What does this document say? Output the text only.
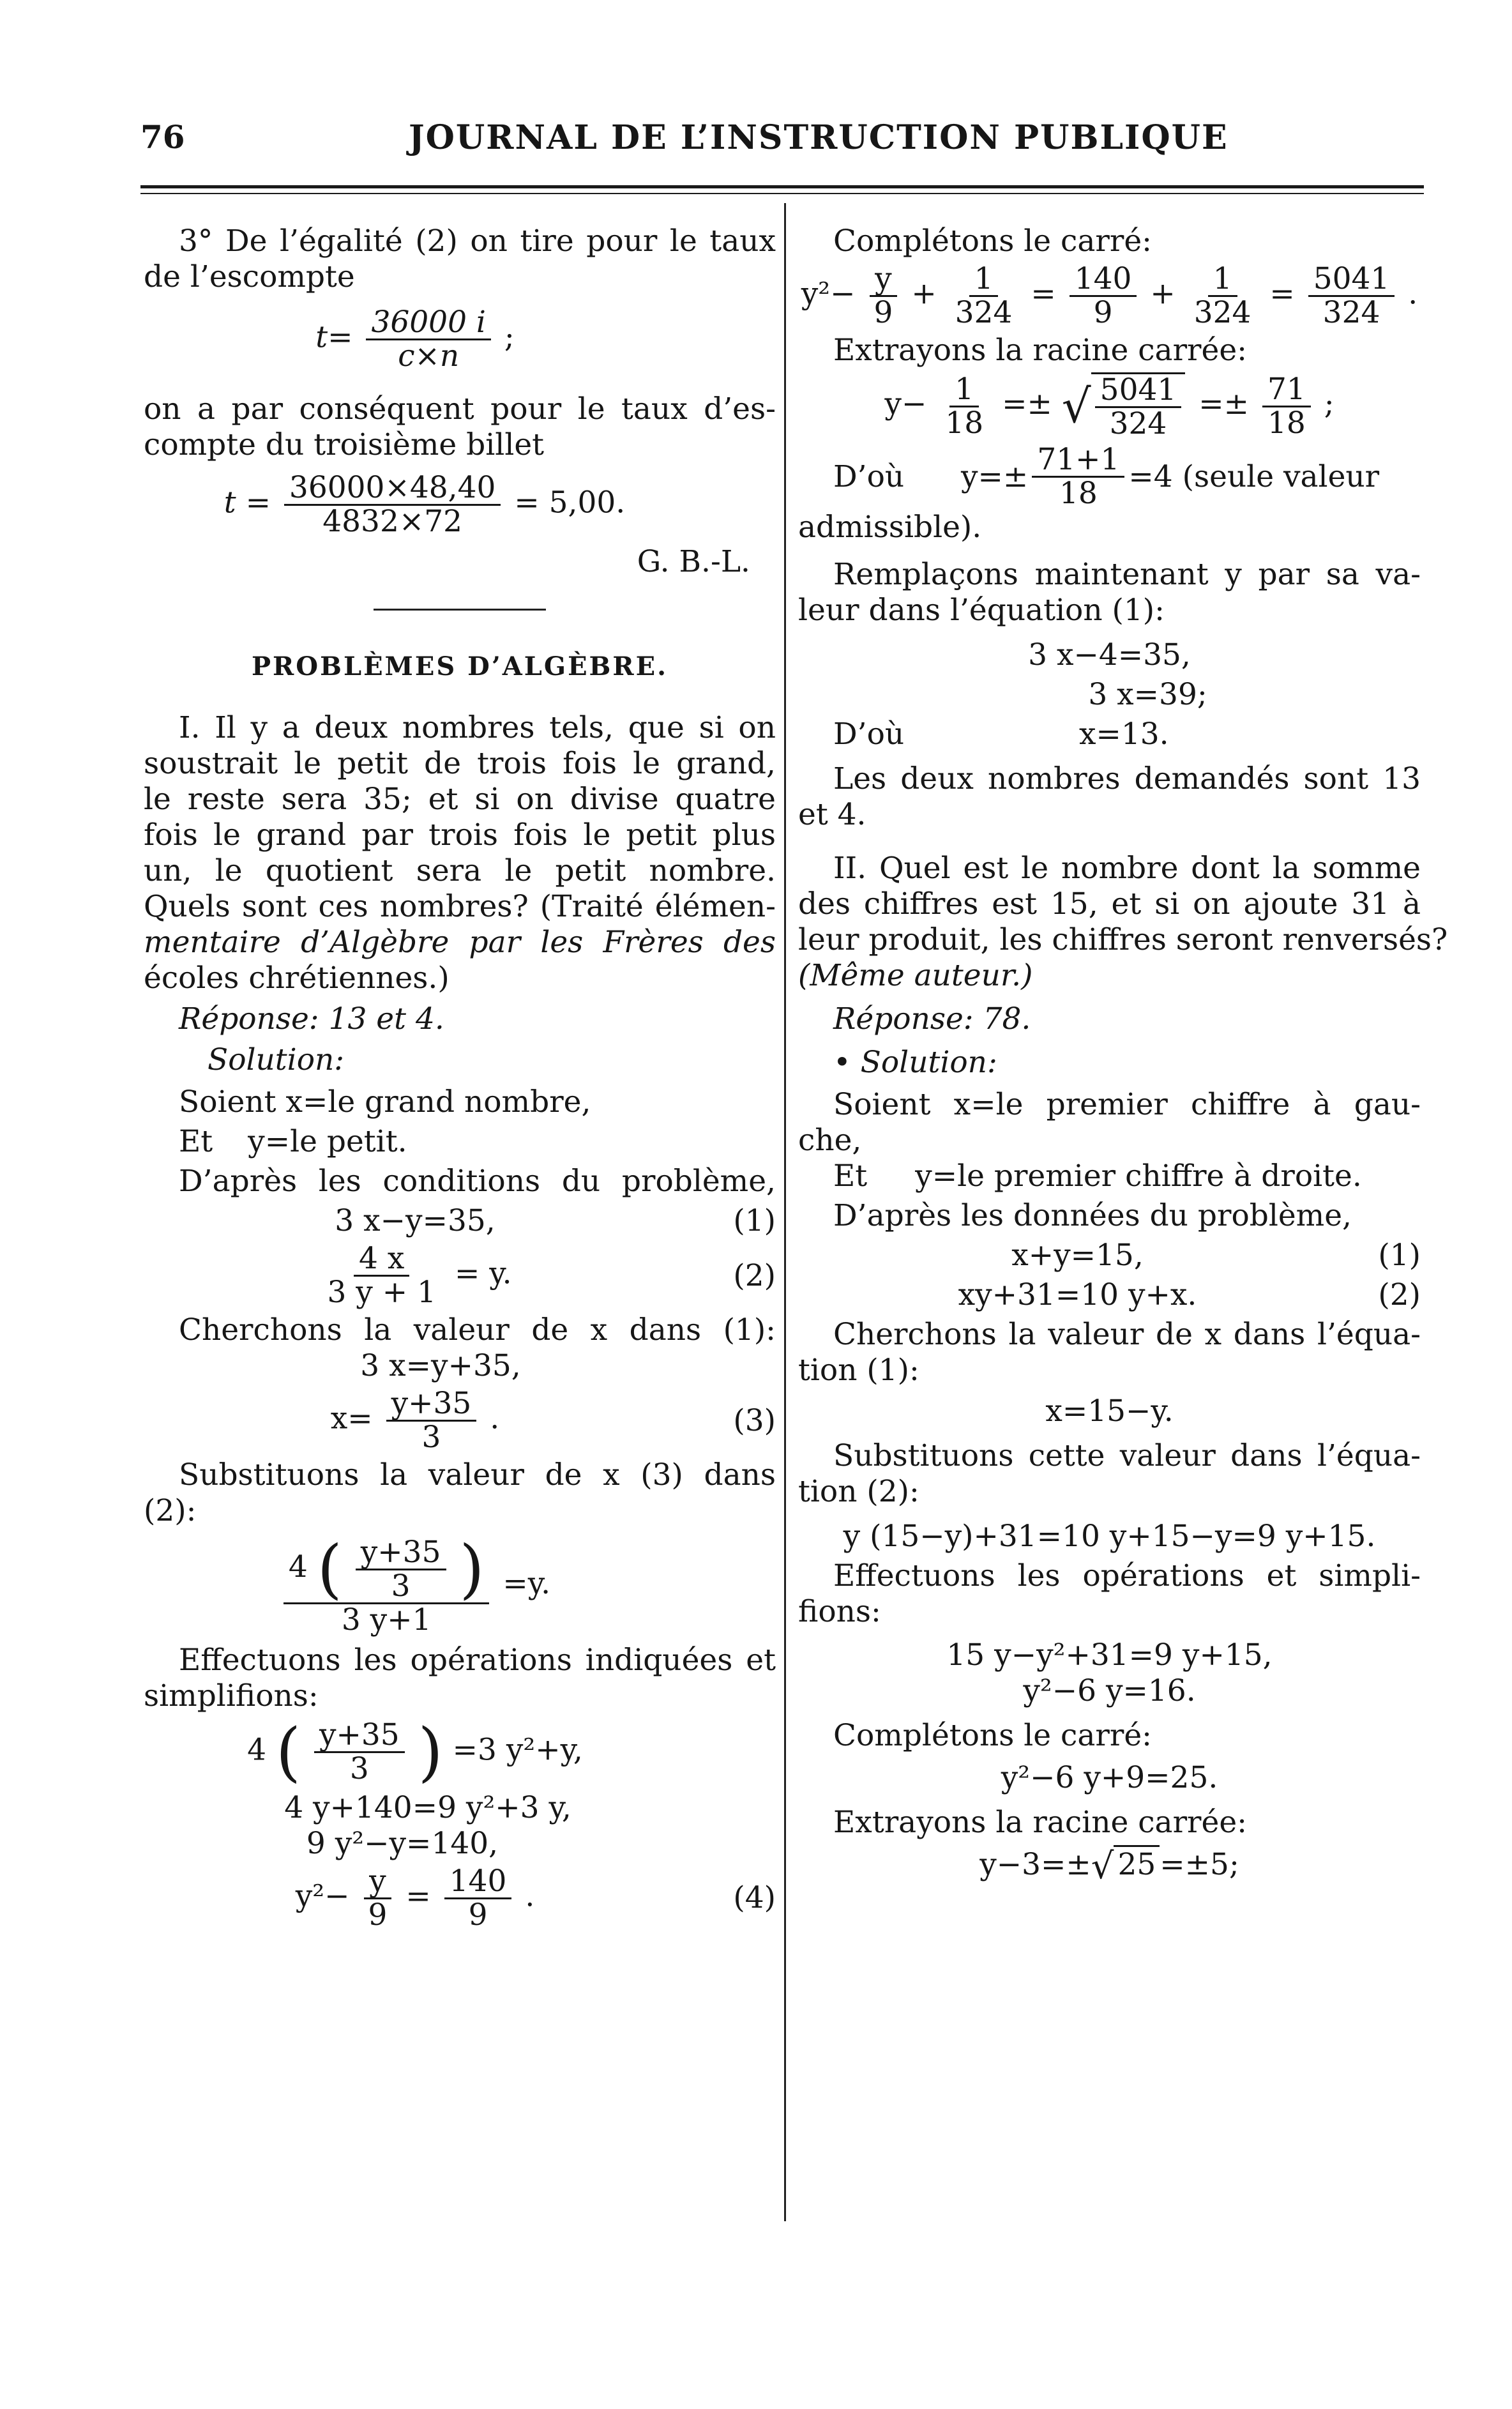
76	JOURNAL DE L’INSTRUCTION PUBLIQUE
3° De l’égalité (2) on tire pour le taux
de l’escompte
$t= \frac{36000 i}{c\times n}$ ;
on a par conséquent pour le taux d’es-
compte du troisième billet
$t = \frac{36000\times 48,40}{4832\times 72} = 5,00$.
G. B.-L.
PROBLÈMES D’ALGÈBRE.
I. Il y a deux nombres tels, que si on
soustrait le petit de trois fois le grand,
le reste sera 35; et si on divise quatre
fois le grand par trois fois le petit plus
un, le quotient sera le petit nombre.
Quels sont ces nombres? (Traité élémen-
mentaire d’Algèbre par les Frères des
écoles chrétiennes.)
Réponse: 13 et 4.
Solution:
Soient x=le grand nombre,
Et y=le petit.
D’après les conditions du problème,
3 x−y=35,	(1)
$\frac{4 x}{3 y + 1} = y$.	(2)
Cherchons la valeur de x dans (1):
3 x=y+35,
$x= \frac{y+35}{3}$ .	(3)
Substituons la valeur de x (3) dans
(2):
4 ( $\frac{y+35}{3}$ )
3 y+1
=y.
Effectuons les opérations indiquées et
simplifions:
4 ( $\frac{y+35}{3}$ ) =3 y²+y,
4 y+140=9 y²+3 y,
9 y²−y=140,
$y^2- \frac{y}{9} = \frac{140}{9}$ .	(4)
Complétons le carré:
$y^2- \frac{y}{9} + \frac{1}{324} = \frac{140}{9} + \frac{1}{324} = \frac{5041}{324}$ .
Extrayons la racine carrée:
$y- \frac{1}{18}$ =± √ $\frac{5041}{324} =\pm \frac{71}{18}$ ;
D’où	$y=\pm \frac{71+1}{18} =4$ (seule valeur
admissible).
Remplaçons maintenant y par sa va-
leur dans l’équation (1):
3 x−4=35,
3 x=39;
D’où	x=13.
Les deux nombres demandés sont 13
et 4.
II. Quel est le nombre dont la somme
des chiffres est 15, et si on ajoute 31 à
leur produit, les chiffres seront renversés?
(Même auteur.)
Réponse: 78.
• Solution:
Soient x=le premier chiffre à gau-
che,
Et y=le premier chiffre à droite.
D’après les données du problème,
x+y=15,	(1)
xy+31=10 y+x.	(2)
Cherchons la valeur de x dans l’équa-
tion (1):
x=15−y.
Substituons cette valeur dans l’équa-
tion (2):
y (15−y)+31=10 y+15−y=9 y+15.
Effectuons les opérations et simpli-
fions:
15 y−y²+31=9 y+15,
y²−6 y=16.
Complétons le carré:
y²−6 y+9=25.
Extrayons la racine carrée:
y−3=±√ 25 =±5;
